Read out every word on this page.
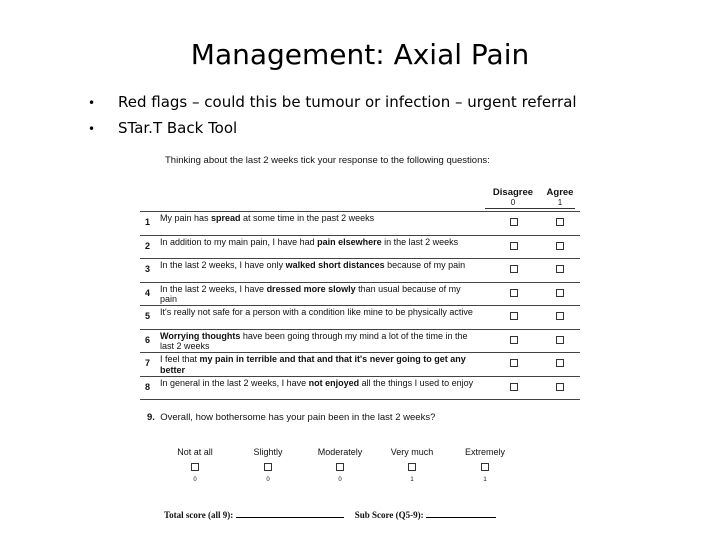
Management: Axial Pain
• Red flags – could this be tumour or infection – urgent referral
• STar.T Back Tool
Thinking about the last 2 weeks tick your response to the following questions:
Disagree
0
Agree
1
1 My pain has spread at some time in the past 2 weeks
2 In addition to my main pain, I have had pain elsewhere in the last 2 weeks
3 In the last 2 weeks, I have only walked short distances because of my pain
4 In the last 2 weeks, I have dressed more slowly than usual because of my pain
5 It's really not safe for a person with a condition like mine to be physically active
6 Worrying thoughts have been going through my mind a lot of the time in the last 2 weeks
7 I feel that my pain in terrible and that and that it's never going to get any better
8 In general in the last 2 weeks, I have not enjoyed all the things I used to enjoy
9. Overall, how bothersome has your pain been in the last 2 weeks?
Not at all
0
Slightly
0
Moderately
0
Very much
1
Extremely
1
Total score (all 9):	Sub Score (Q5-9):
